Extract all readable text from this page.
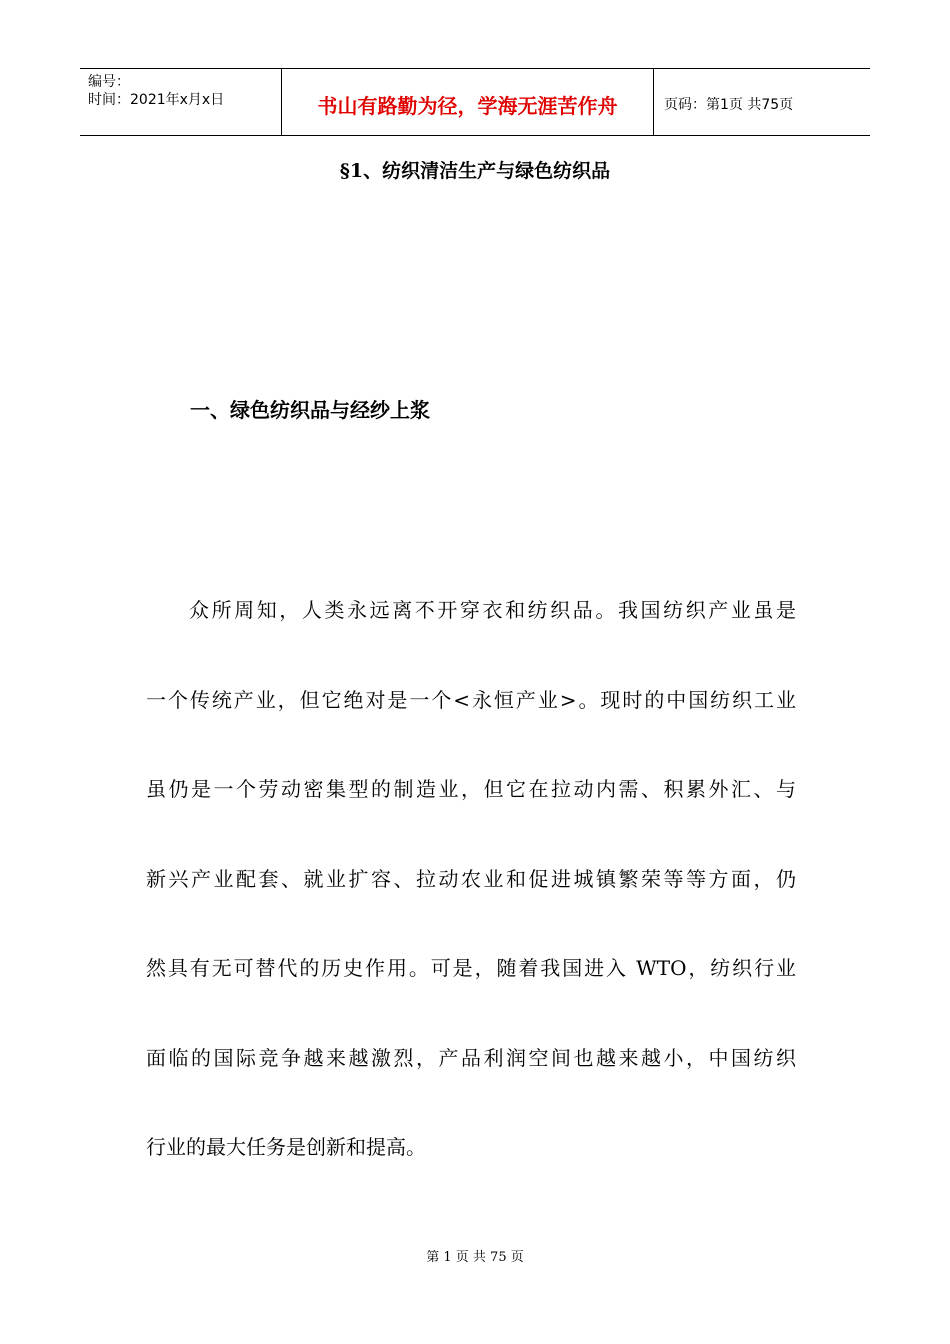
编号：
时间：2021年x月x日	书山有路勤为径，学海无涯苦作舟	页码：第1页 共75页
§1、纺织清洁生产与绿色纺织品
一、绿色纺织品与经纱上浆
众所周知，人类永远离不开穿衣和纺织品。我国纺织产业虽是
一个传统产业，但它绝对是一个<永恒产业>。现时的中国纺织工业
虽仍是一个劳动密集型的制造业，但它在拉动内需、积累外汇、与
新兴产业配套、就业扩容、拉动农业和促进城镇繁荣等等方面，仍
然具有无可替代的历史作用。可是，随着我国进入 WTO，纺织行业
面临的国际竞争越来越激烈，产品利润空间也越来越小，中国纺织
行业的最大任务是创新和提高。
第 1 页 共 75 页
